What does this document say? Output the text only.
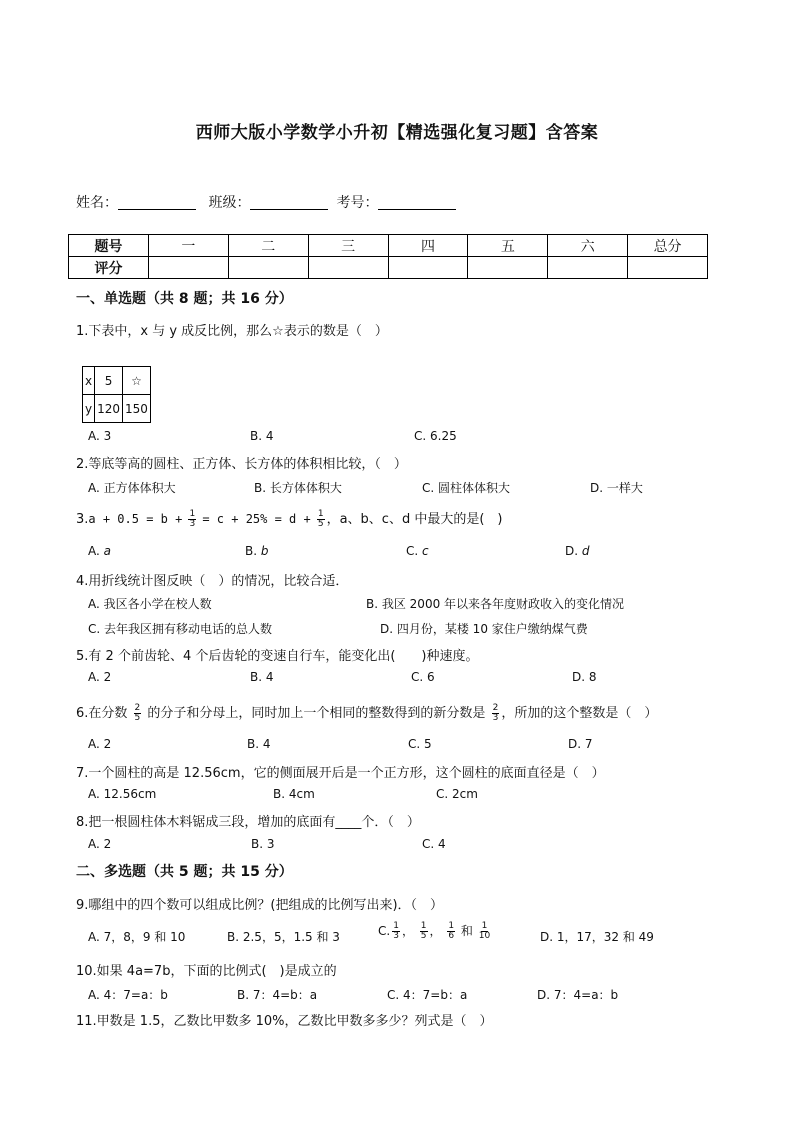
西师大版小学数学小升初【精选强化复习题】含答案
姓名：	班级：	考号：
题号	一	二	三	四	五	六	总分
评分							
一、单选题（共 8 题；共 16 分）
1.下表中，x 与 y 成反比例，那么☆表示的数是（　）
x	5	☆
y	120	150
A. 3	B. 4	C. 6.25
2.等底等高的圆柱、正方体、长方体的体积相比较，（　）
A. 正方体体积大	B. 长方体体积大	C. 圆柱体体积大	D. 一样大
$3.a + 0.5 = b + \frac{1}{3} = c + 25\% = d + \frac{1}{5}$ ，a、b、c、d 中最大的是(　)
A. a	B. b	C. c	D. d
4.用折线统计图反映（　）的情况，比较合适．
A. 我区各小学在校人数	B. 我区 2000 年以来各年度财政收入的变化情况
C. 去年我区拥有移动电话的总人数	D. 四月份，某楼 10 家住户缴纳煤气费
5.有 2 个前齿轮、4 个后齿轮的变速自行车，能变化出(　　)种速度。
A. 2	B. 4	C. 6	D. 8
6.在分数 $\frac{2}{5}$ 的分子和分母上，同时加上一个相同的整数得到的新分数是 $\frac{2}{3}$ ，所加的这个整数是（　）
A. 2	B. 4	C. 5	D. 7
7.一个圆柱的高是 12.56cm，它的侧面展开后是一个正方形，这个圆柱的底面直径是（　）
A. 12.56cm	B. 4cm	C. 2cm
8.把一根圆柱体木料锯成三段，增加的底面有____个．（　）
A. 2	B. 3	C. 4
二、多选题（共 5 题；共 15 分）
9.哪组中的四个数可以组成比例？(把组成的比例写出来)．（　）
A. 7，8，9 和 10	B. 2.5，5，1.5 和 3	C. $\frac{1}{3}$ ， $\frac{1}{5}$ ， $\frac{1}{6}$ 和 $\frac{1}{10}$	D. 1，17，32 和 49
10.如果 4a=7b，下面的比例式(　)是成立的
A. 4：7=a：b	B. 7：4=b：a	C. 4：7=b：a	D. 7：4=a：b
11.甲数是 1.5，乙数比甲数多 10%，乙数比甲数多多少？列式是（　）
